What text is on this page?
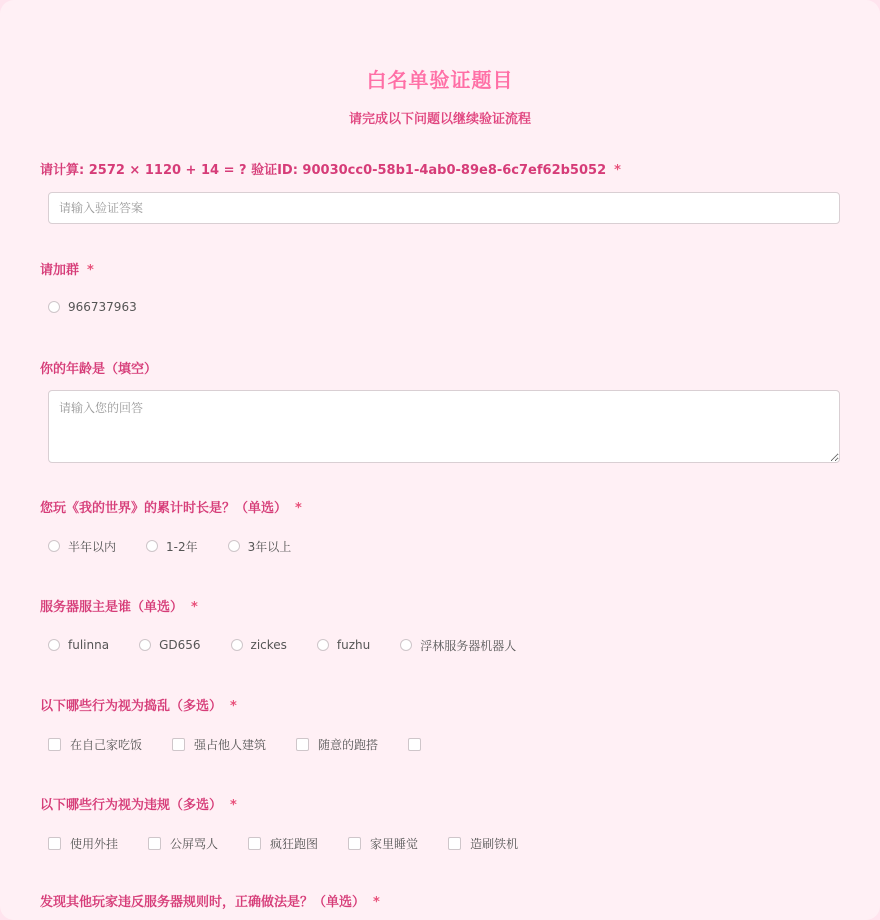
白名单验证题目
请完成以下问题以继续验证流程
请计算: 2572 × 1120 + 14 = ? 验证ID: 90030cc0-58b1-4ab0-89e8-6c7ef62b5052 *
请输入验证答案
请加群 *
966737963
你的年龄是（填空）
请输入您的回答
您玩《我的世界》的累计时长是？（单选） *
半年以内	1-2年	3年以上
服务器服主是谁（单选） *
fulinna	GD656	zickes	fuzhu	浮林服务器机器人
以下哪些行为视为捣乱（多选） *
在自己家吃饭	强占他人建筑	随意的跑搭
以下哪些行为视为违规（多选） *
使用外挂	公屏骂人	疯狂跑图	家里睡觉	造刷铁机
发现其他玩家违反服务器规则时，正确做法是？（单选） *
